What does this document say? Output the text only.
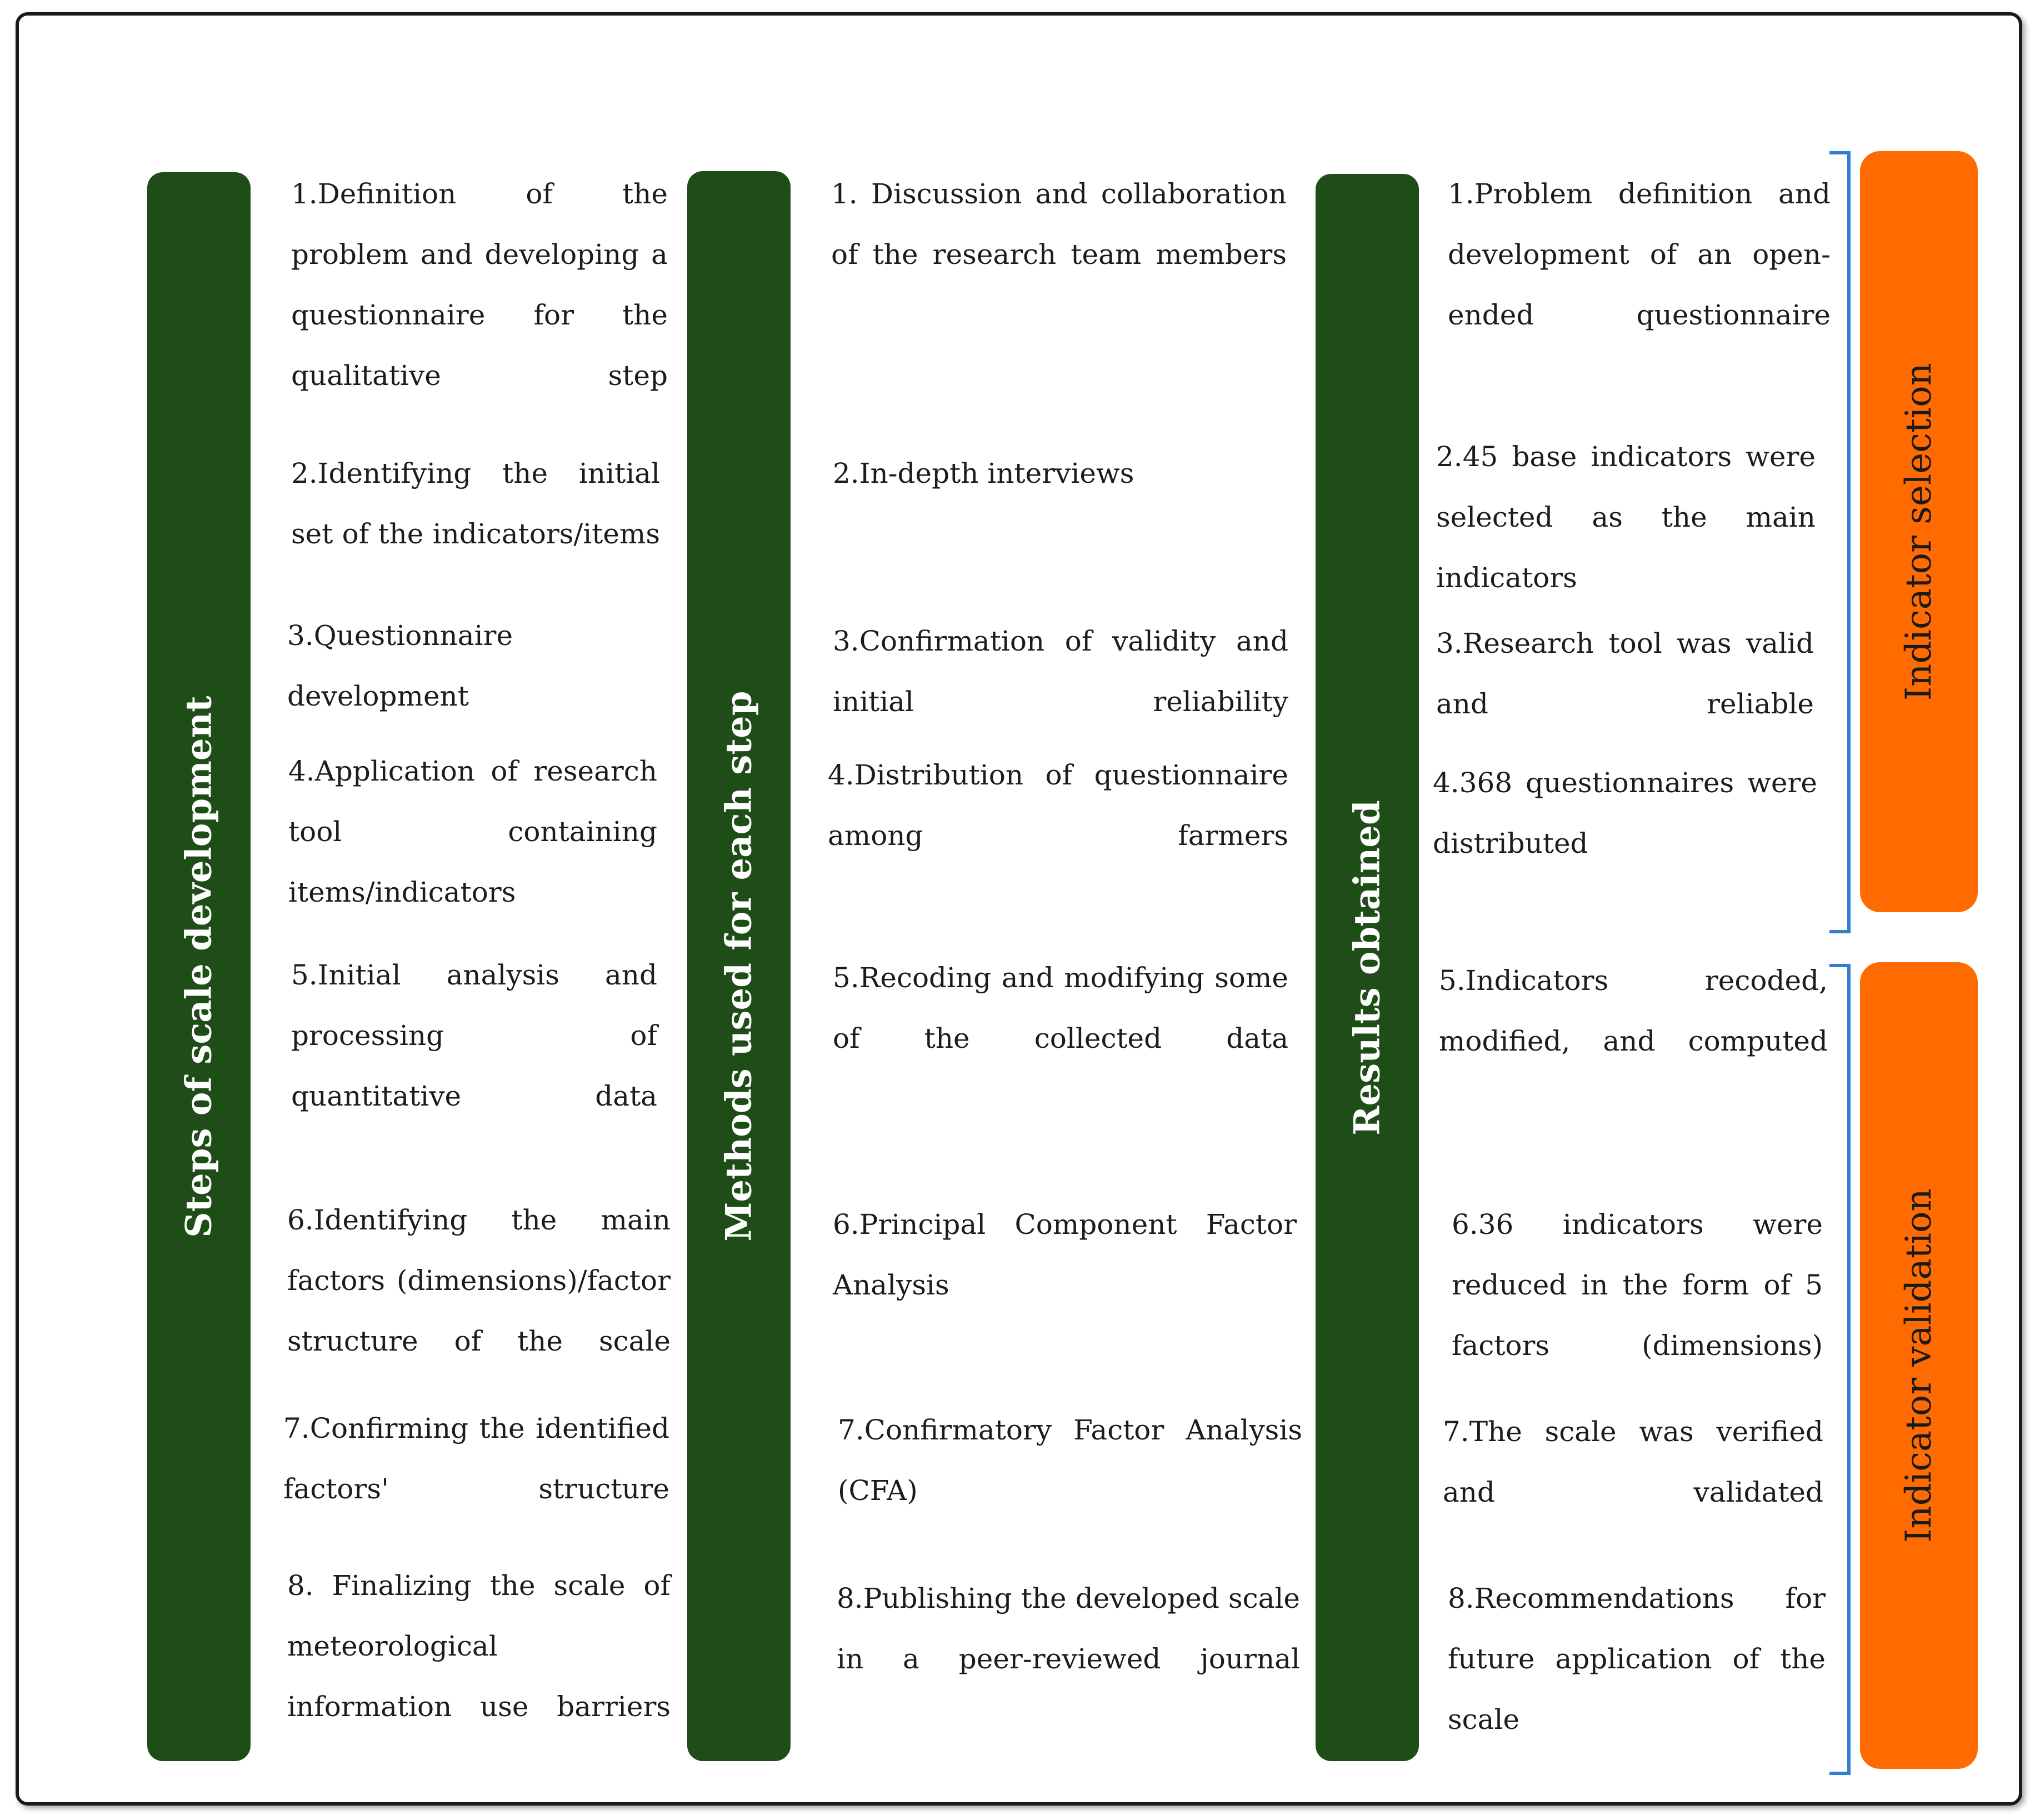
Steps of scale development	Methods used for each step	Results obtained
Indicator selection
Indicator validation

1.Definition of the problem and developing a questionnaire for the qualitative step

2.Identifying the initial set of the indicators/items

3.Questionnaire development

4.Application of research tool containing items/indicators

5.Initial analysis and processing of quantitative data

6.Identifying the main factors (dimensions)/factor structure of the scale

7.Confirming the identified factors' structure

8. Finalizing the scale of meteorological information use barriers

1. Discussion and collaboration of the research team members

2.In-depth interviews

3.Confirmation of validity and initial reliability

4.Distribution of questionnaire among farmers

5.Recoding and modifying some of the collected data

6.Principal Component Factor Analysis

7.Confirmatory Factor Analysis (CFA)

8.Publishing the developed scale in a peer-reviewed journal

1.Problem definition and development of an open-ended questionnaire

2.45 base indicators were selected as the main indicators

3.Research tool was valid and reliable

4.368 questionnaires were distributed

5.Indicators recoded, modified, and computed

6.36 indicators were reduced in the form of 5 factors (dimensions)

7.The scale was verified and validated

8.Recommendations for future application of the scale
